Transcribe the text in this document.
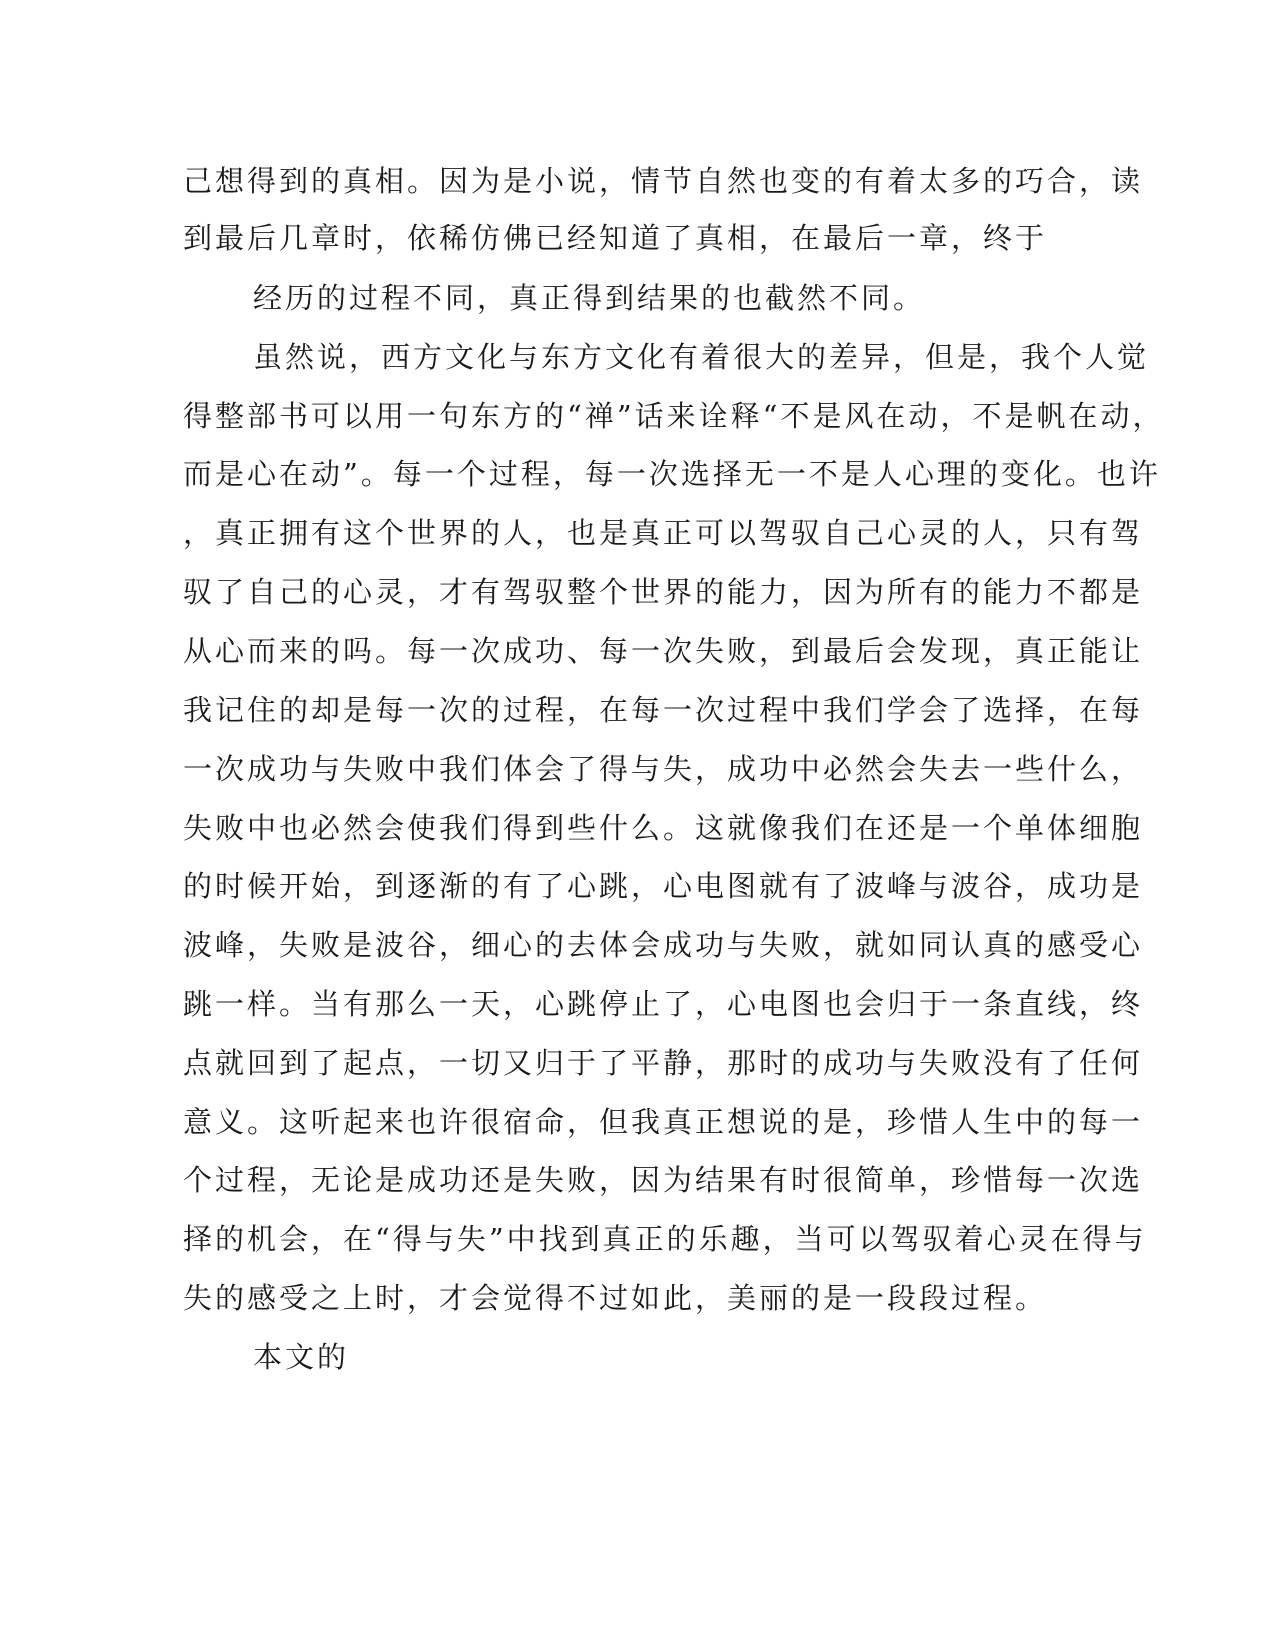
己想得到的真相。因为是小说，情节自然也变的有着太多的巧合，读
到最后几章时，依稀仿佛已经知道了真相，在最后一章，终于
经历的过程不同，真正得到结果的也截然不同。
虽然说，西方文化与东方文化有着很大的差异，但是，我个人觉
得整部书可以用一句东方的“禅”话来诠释“不是风在动，不是帆在动，
而是心在动”。每一个过程，每一次选择无一不是人心理的变化。也许
，真正拥有这个世界的人，也是真正可以驾驭自己心灵的人，只有驾
驭了自己的心灵，才有驾驭整个世界的能力，因为所有的能力不都是
从心而来的吗。每一次成功、每一次失败，到最后会发现，真正能让
我记住的却是每一次的过程，在每一次过程中我们学会了选择，在每
一次成功与失败中我们体会了得与失，成功中必然会失去一些什么，
失败中也必然会使我们得到些什么。这就像我们在还是一个单体细胞
的时候开始，到逐渐的有了心跳，心电图就有了波峰与波谷，成功是
波峰，失败是波谷，细心的去体会成功与失败，就如同认真的感受心
跳一样。当有那么一天，心跳停止了，心电图也会归于一条直线，终
点就回到了起点，一切又归于了平静，那时的成功与失败没有了任何
意义。这听起来也许很宿命，但我真正想说的是，珍惜人生中的每一
个过程，无论是成功还是失败，因为结果有时很简单，珍惜每一次选
择的机会，在“得与失”中找到真正的乐趣，当可以驾驭着心灵在得与
失的感受之上时，才会觉得不过如此，美丽的是一段段过程。
本文的
